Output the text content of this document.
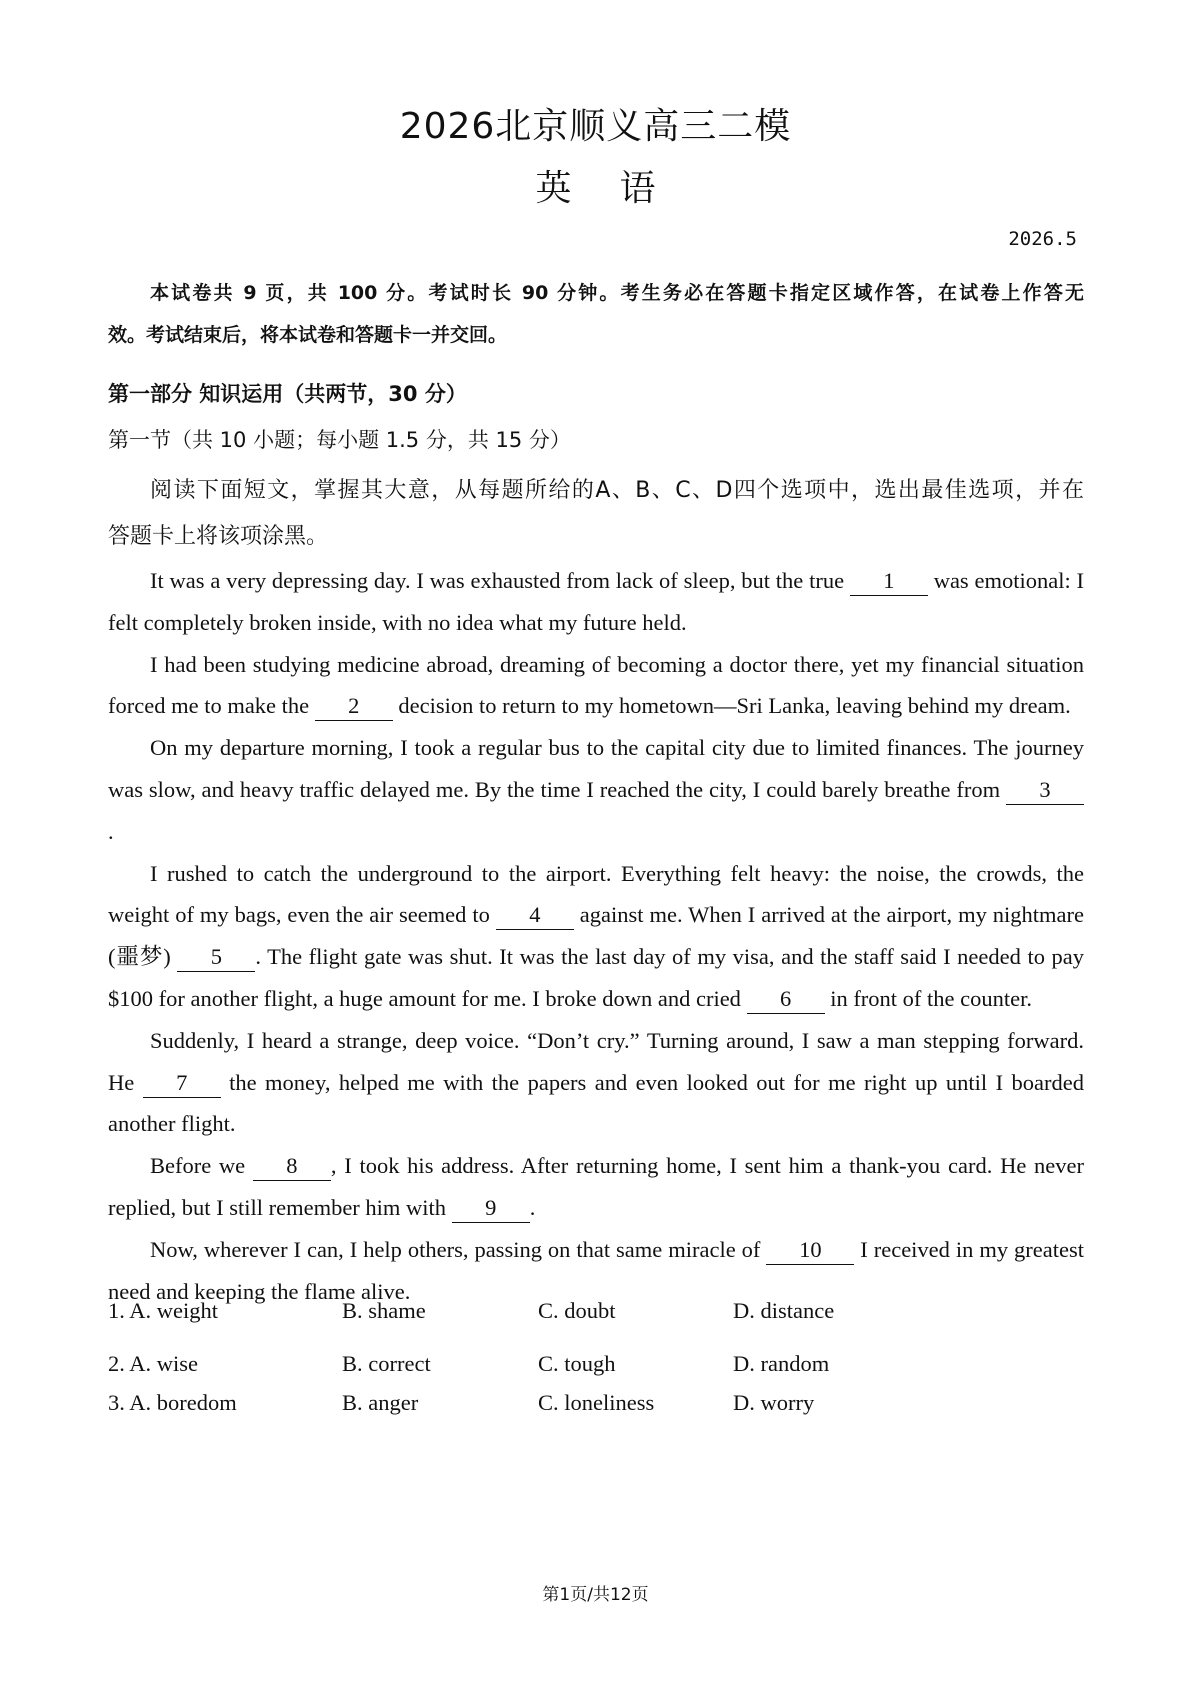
2026北京顺义高三二模
英语
2026.5
本试卷共 9 页，共 100 分。考试时长 90 分钟。考生务必在答题卡指定区域作答，在试卷上作答无
效。考试结束后，将本试卷和答题卡一并交回。
第一部分 知识运用（共两节，30 分）
第一节（共 10 小题；每小题 1.5 分，共 15 分）
阅读下面短文，掌握其大意，从每题所给的A、B、C、D四个选项中，选出最佳选项，并在
答题卡上将该项涂黑。

It was a very depressing day. I was exhausted from lack of sleep, but the true 1 was emotional: I felt completely broken inside, with no idea what my future held.

I had been studying medicine abroad, dreaming of becoming a doctor there, yet my financial situation forced me to make the 2 decision to return to my hometown—Sri Lanka, leaving behind my dream.

On my departure morning, I took a regular bus to the capital city due to limited finances. The journey was slow, and heavy traffic delayed me. By the time I reached the city, I could barely breathe from 3.

I rushed to catch the underground to the airport. Everything felt heavy: the noise, the crowds, the weight of my bags, even the air seemed to 4 against me. When I arrived at the airport, my nightmare (噩梦) 5 . The flight gate was shut. It was the last day of my visa, and the staff said I needed to pay $100 for another flight, a huge amount for me. I broke down and cried 6 in front of the counter.

Suddenly, I heard a strange, deep voice. “Don’t cry.” Turning around, I saw a man stepping forward. He 7 the money, helped me with the papers and even looked out for me right up until I boarded another flight.

Before we 8 , I took his address. After returning home, I sent him a thank-you card. He never replied, but I still remember him with 9 .

Now, wherever I can, I help others, passing on that same miracle of 10 I received in my greatest need and keeping the flame alive.

1. A. weight	B. shame	C. doubt	D. distance
2. A. wise	B. correct	C. tough	D. random
3. A. boredom	B. anger	C. loneliness	D. worry
第1页/共12页
